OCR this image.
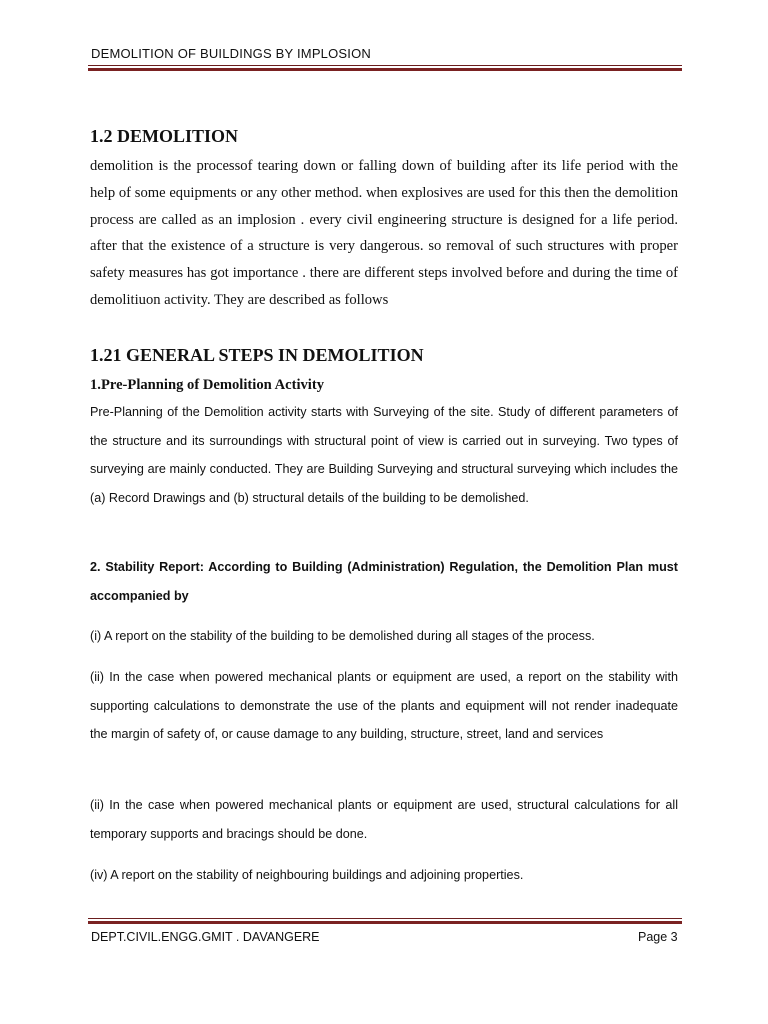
DEMOLITION OF BUILDINGS BY IMPLOSION
1.2 DEMOLITION
demolition is the processof tearing down or falling down of building after its life period with the help of some equipments or any other method. when explosives are used for this then the demolition process are called as an implosion . every civil engineering structure is designed for a life period. after that the existence of a structure is very dangerous. so removal of such structures with proper safety measures has got importance . there are different steps involved before and during the time of demolitiuon activity. They are described as follows
1.21 GENERAL STEPS IN DEMOLITION
1.Pre-Planning of Demolition Activity
Pre-Planning of the Demolition activity starts with Surveying of the site. Study of different parameters of the structure and its surroundings with structural point of view is carried out in surveying. Two types of surveying are mainly conducted. They are Building Surveying and structural surveying which includes the (a) Record Drawings and (b) structural details of the building to be demolished.
2. Stability Report: According to Building (Administration) Regulation, the Demolition Plan must accompanied by
(i) A report on the stability of the building to be demolished during all stages of the process.
(ii) In the case when powered mechanical plants or equipment are used, a report on the stability with supporting calculations to demonstrate the use of the plants and equipment will not render inadequate the margin of safety of, or cause damage to any building, structure, street, land and services
(ii) In the case when powered mechanical plants or equipment are used, structural calculations for all temporary supports and bracings should be done.
(iv) A report on the stability of neighbouring buildings and adjoining properties.
DEPT.CIVIL.ENGG.GMIT . DAVANGERE	Page 3
